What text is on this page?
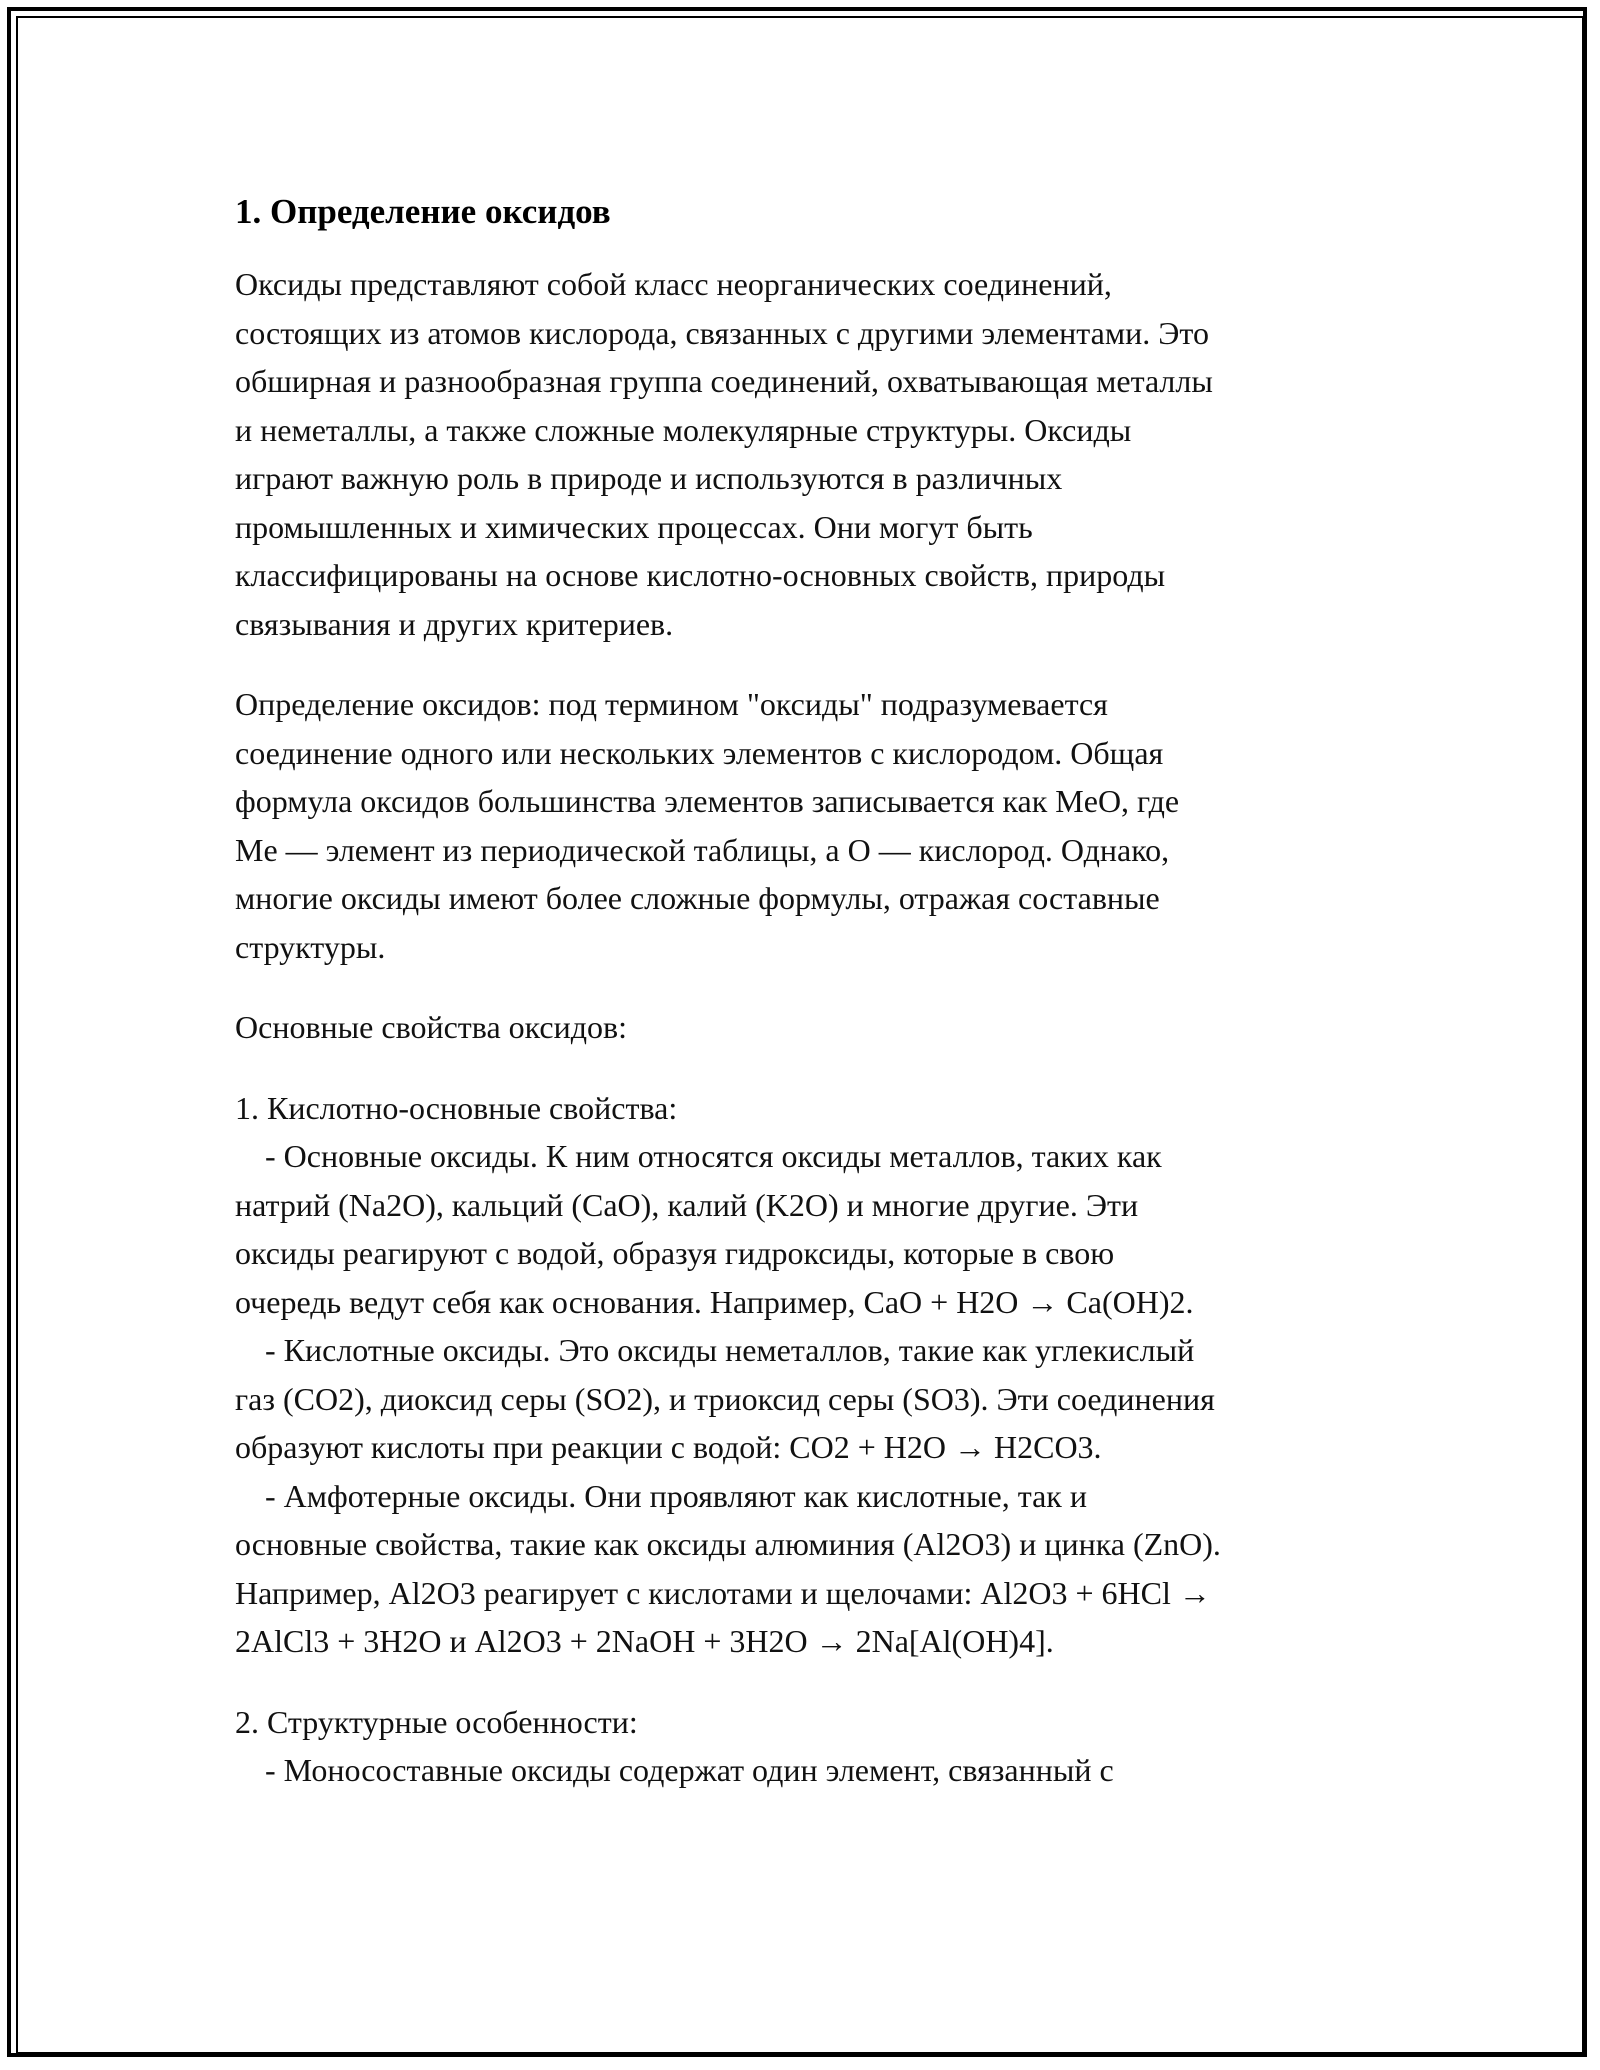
1. Определение оксидов
Оксиды представляют собой класс неорганических соединений,
состоящих из атомов кислорода, связанных с другими элементами. Это
обширная и разнообразная группа соединений, охватывающая металлы
и неметаллы, а также сложные молекулярные структуры. Оксиды
играют важную роль в природе и используются в различных
промышленных и химических процессах. Они могут быть
классифицированы на основе кислотно-основных свойств, природы
связывания и других критериев.
Определение оксидов: под термином "оксиды" подразумевается
соединение одного или нескольких элементов с кислородом. Общая
формула оксидов большинства элементов записывается как MeO, где
Me — элемент из периодической таблицы, а O — кислород. Однако,
многие оксиды имеют более сложные формулы, отражая составные
структуры.
Основные свойства оксидов:
1. Кислотно-основные свойства:
- Основные оксиды. К ним относятся оксиды металлов, таких как
натрий (Na2O), кальций (CaO), калий (K2O) и многие другие. Эти
оксиды реагируют с водой, образуя гидроксиды, которые в свою
очередь ведут себя как основания. Например, CaO + H2O → Ca(OH)2.
- Кислотные оксиды. Это оксиды неметаллов, такие как углекислый
газ (CO2), диоксид серы (SO2), и триоксид серы (SO3). Эти соединения
образуют кислоты при реакции с водой: CO2 + H2O → H2CO3.
- Амфотерные оксиды. Они проявляют как кислотные, так и
основные свойства, такие как оксиды алюминия (Al2O3) и цинка (ZnO).
Например, Al2O3 реагирует с кислотами и щелочами: Al2O3 + 6HCl →
2AlCl3 + 3H2O и Al2O3 + 2NaOH + 3H2O → 2Na[Al(OH)4].
2. Структурные особенности:
- Моносоставные оксиды содержат один элемент, связанный с
